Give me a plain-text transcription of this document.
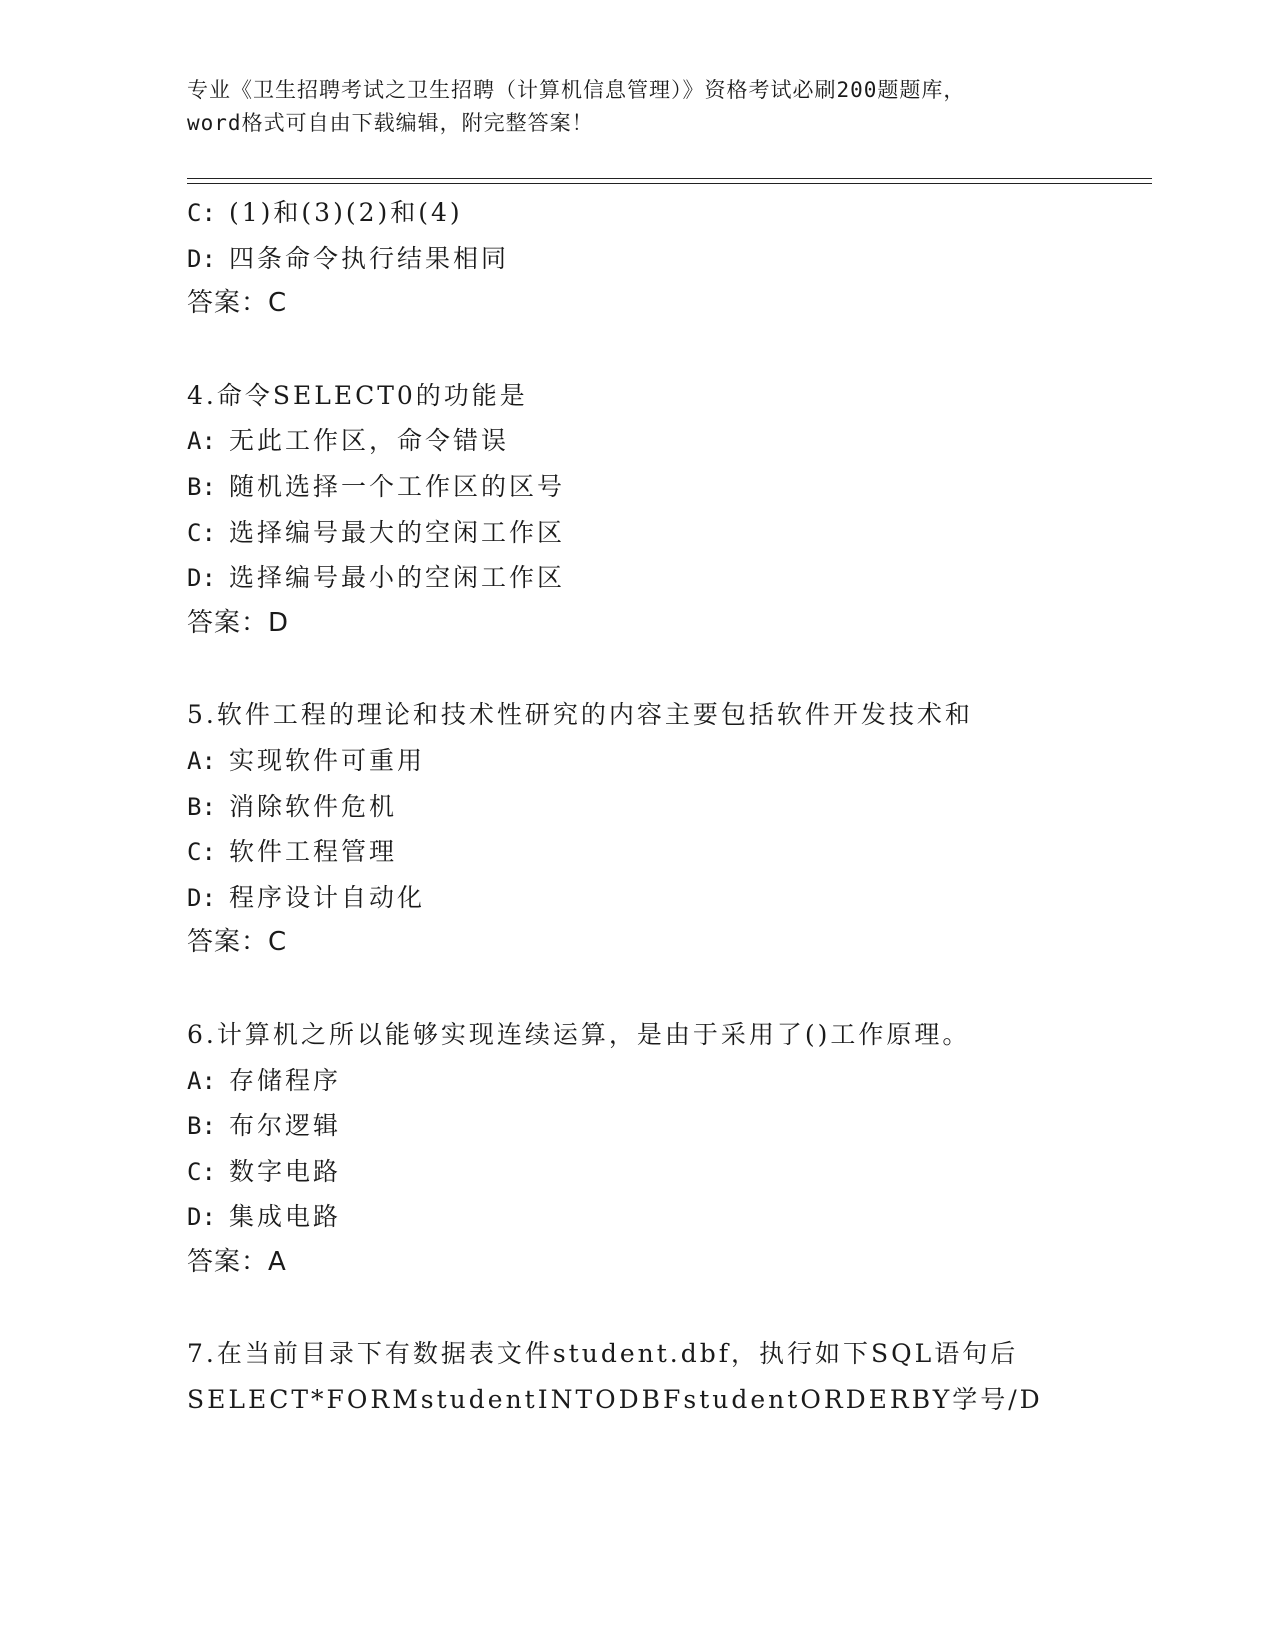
专业《卫生招聘考试之卫生招聘（计算机信息管理）》资格考试必刷200题题库，
word格式可自由下载编辑，附完整答案！
C: (1)和(3)(2)和(4)
D: 四条命令执行结果相同
答案：C
4.命令SELECT0的功能是
A: 无此工作区，命令错误
B: 随机选择一个工作区的区号
C: 选择编号最大的空闲工作区
D: 选择编号最小的空闲工作区
答案：D
5.软件工程的理论和技术性研究的内容主要包括软件开发技术和
A: 实现软件可重用
B: 消除软件危机
C: 软件工程管理
D: 程序设计自动化
答案：C
6.计算机之所以能够实现连续运算，是由于采用了()工作原理。
A: 存储程序
B: 布尔逻辑
C: 数字电路
D: 集成电路
答案：A
7.在当前目录下有数据表文件student.dbf，执行如下SQL语句后
SELECT*FORMstudentINTODBFstudentORDERBY学号/D
